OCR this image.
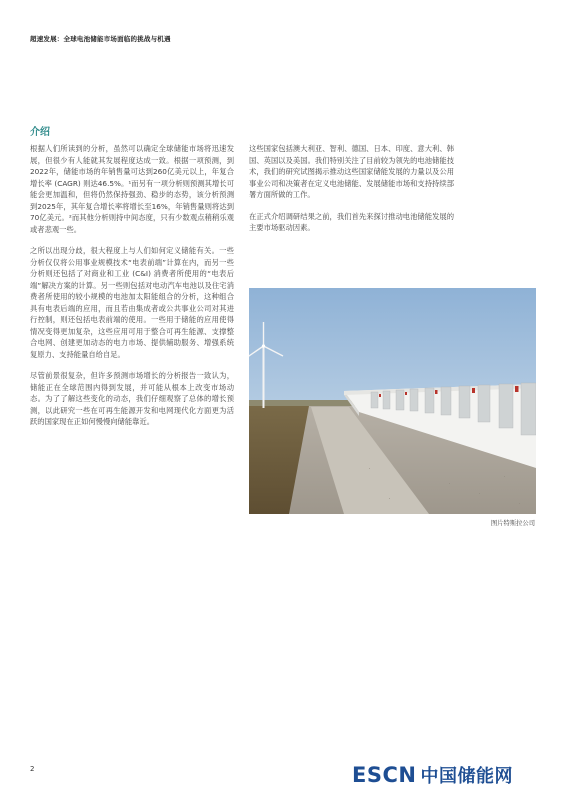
超速发展：全球电池储能市场面临的挑战与机遇
介绍

根据人们所读到的分析，虽然可以确定全球储能市场将迅速发展，但很少有人能就其发展程度达成一致。根据一项预测，到2022年，储能市场的年销售量可达到260亿美元以上，年复合增长率 (CAGR) 则达46.5%。¹而另有一项分析则预测其增长可能会更加温和，但将仍然保持强劲、稳步的态势，该分析预测到2025年，其年复合增长率将增长至16%，年销售量则将达到70亿美元。²而其他分析则持中间态度，只有少数观点稍稍乐观或者悲观一些。

之所以出现分歧，很大程度上与人们如何定义储能有关。一些分析仅仅将公用事业规模技术“电表前端”计算在内，而另一些分析则还包括了对商业和工业 (C&I) 消费者所使用的“电表后端”解决方案的计算。另一些则包括对电动汽车电池以及住宅消费者所使用的较小规模的电池加太阳能组合的分析，这种组合具有电表后端的应用，而且若由集成者或公共事业公司对其进行控制，则还包括电表前端的使用。一些用于储能的应用使得情况变得更加复杂，这些应用可用于整合可再生能源、支撑整合电网、创建更加动态的电力市场、提供辅助服务、增强系统复原力、支持能量自给自足。

尽管前景很复杂，但许多预测市场增长的分析报告一致认为，储能正在全球范围内得到发展，并可能从根本上改变市场动态。为了了解这些变化的动态，我们仔细观察了总体的增长预测，以此研究一些在可再生能源开发和电网现代化方面更为活跃的国家现在正如何慢慢向储能靠近。

这些国家包括澳大利亚、智利、德国、日本、印度、意大利、韩国、英国以及美国。我们特别关注了目前较为领先的电池储能技术，我们的研究试图揭示推动这些国家储能发展的力量以及公用事业公司和决策者在定义电池储能、发展储能市场和支持持续部署方面所做的工作。

在正式介绍调研结果之前，我们首先来探讨推动电池储能发展的主要市场驱动因素。

图片特斯拉公司
2	ESCN 中国储能网
